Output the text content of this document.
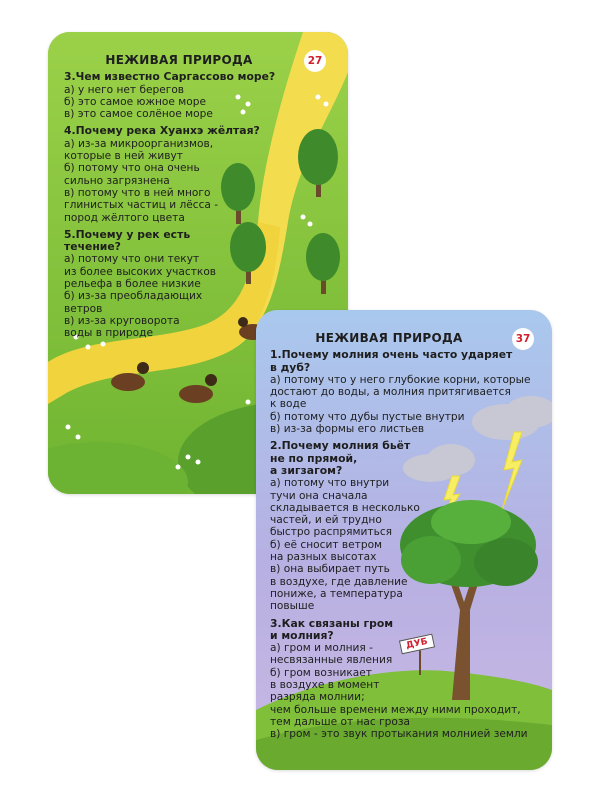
27
НЕЖИВАЯ ПРИРОДА
3.Чем известно Саргассово море?
а) у него нет берегов
б) это самое южное море
в) это самое солёное море
4.Почему река Хуанхэ жёлтая?
а) из-за микроорганизмов,
которые в ней живут
б) потому что она очень
сильно загрязнена
в) потому что в ней много
глинистых частиц и лёсса -
пород жёлтого цвета
5.Почему у рек есть
течение?
а) потому что они текут
из более высоких участков
рельефа в более низкие
б) из-за преобладающих
ветров
в) из-за круговорота
воды в природе	37
ДУБ
НЕЖИВАЯ ПРИРОДА
1.Почему молния очень часто ударяет
в дуб?
а) потому что у него глубокие корни, которые
достают до воды, а молния притягивается
к воде
б) потому что дубы пустые внутри
в) из-за формы его листьев
2.Почему молния бьёт
не по прямой,
а зигзагом?
а) потому что внутри
тучи она сначала
складывается в несколько
частей, и ей трудно
быстро распрямиться
б) её сносит ветром
на разных высотах
в) она выбирает путь
в воздухе, где давление
пониже, а температура
повыше
3.Как связаны гром
и молния?
а) гром и молния -
несвязанные явления
б) гром возникает
в воздухе в момент
разряда молнии;
чем больше времени между ними проходит,
тем дальше от нас гроза
в) гром - это звук протыкания молнией земли
